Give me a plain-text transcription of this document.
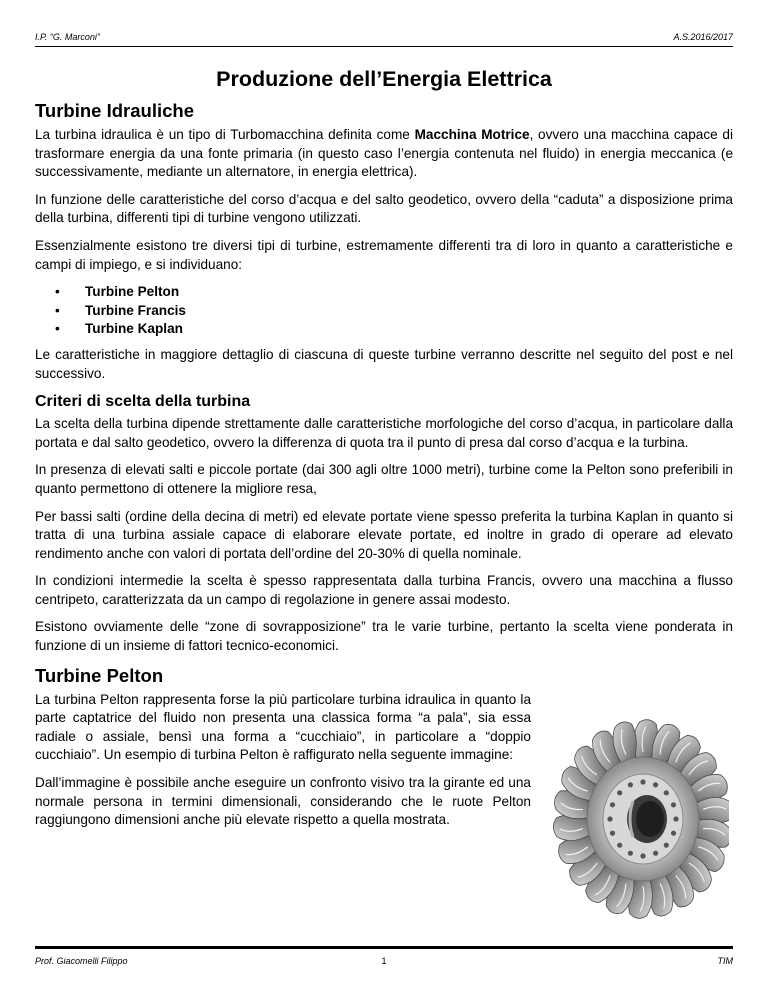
I.P. “G. Marconi”	A.S.2016/2017
Produzione dell’Energia Elettrica
Turbine Idrauliche

La turbina idraulica è un tipo di Turbomacchina definita come Macchina Motrice, ovvero una macchina capace di trasformare energia da una fonte primaria (in questo caso l’energia contenuta nel fluido) in energia meccanica (e successivamente, mediante un alternatore, in energia elettrica).

In funzione delle caratteristiche del corso d’acqua e del salto geodetico, ovvero della “caduta” a disposizione prima della turbina, differenti tipi di turbine vengono utilizzati.

Essenzialmente esistono tre diversi tipi di turbine, estremamente differenti tra di loro in quanto a caratteristiche e campi di impiego, e si individuano:

• Turbine Pelton
• Turbine Francis
• Turbine Kaplan

Le caratteristiche in maggiore dettaglio di ciascuna di queste turbine verranno descritte nel seguito del post e nel successivo.

Criteri di scelta della turbina

La scelta della turbina dipende strettamente dalle caratteristiche morfologiche del corso d’acqua, in particolare dalla portata e dal salto geodetico, ovvero la differenza di quota tra il punto di presa dal corso d’acqua e la turbina.

In presenza di elevati salti e piccole portate (dai 300 agli oltre 1000 metri), turbine come la Pelton sono preferibili in quanto permettono di ottenere la migliore resa,

Per bassi salti (ordine della decina di metri) ed elevate portate viene spesso preferita la turbina Kaplan in quanto si tratta di una turbina assiale capace di elaborare elevate portate, ed inoltre in grado di operare ad elevato rendimento anche con valori di portata dell’ordine del 20-30% di quella nominale.

In condizioni intermedie la scelta è spesso rappresentata dalla turbina Francis, ovvero una macchina a flusso centripeto, caratterizzata da un campo di regolazione in genere assai modesto.

Esistono ovviamente delle “zone di sovrapposizione” tra le varie turbine, pertanto la scelta viene ponderata in funzione di un insieme di fattori tecnico-economici.

Turbine Pelton

La turbina Pelton rappresenta forse la più particolare turbina idraulica in quanto la parte captatrice del fluido non presenta una classica forma “a pala”, sia essa radiale o assiale, bensì una forma a “cucchiaio”, in particolare a “doppio cucchiaio”. Un esempio di turbina Pelton è raffigurato nella seguente immagine:

Dall’immagine è possibile anche eseguire un confronto visivo tra la girante ed una normale persona in termini dimensionali, considerando che le ruote Pelton raggiungono dimensioni anche più elevate rispetto a quella mostrata.

Prof. Giacomelli Filippo	1	TIM
